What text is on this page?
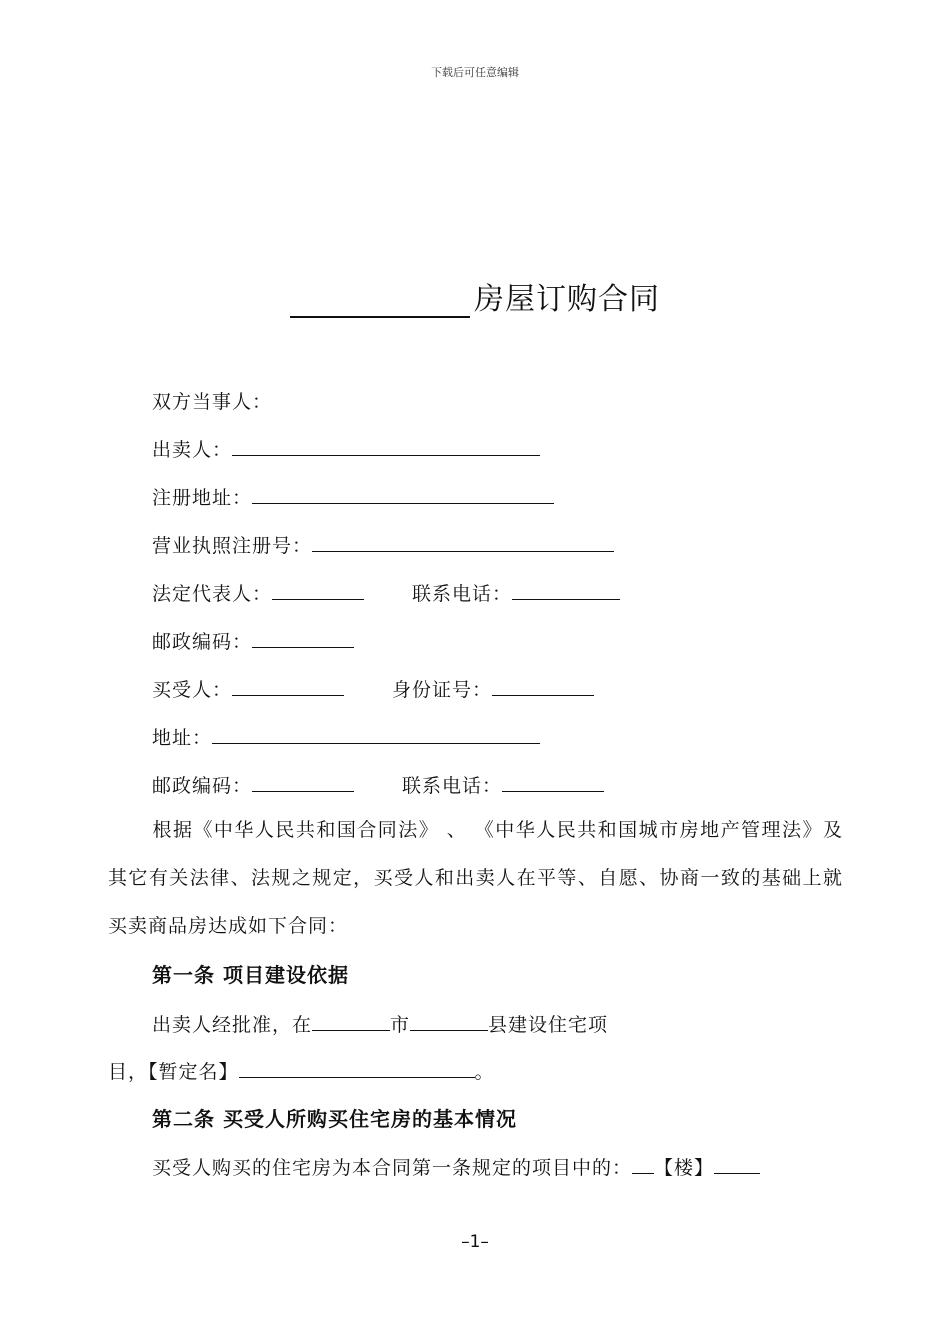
下载后可任意编辑
房屋订购合同
双方当事人：
出卖人：
注册地址：
营业执照注册号：
法定代表人：	联系电话：
邮政编码：
买受人：	身份证号：
地址：
邮政编码：	联系电话：
根据《中华人民共和国合同法》 、 《中华人民共和国城市房地产管理法》及其它有关法律、法规之规定，买受人和出卖人在平等、自愿、协商一致的基础上就买卖商品房达成如下合同：
第一条 项目建设依据
出卖人经批准，在	市	县建设住宅项
目，【暂定名】	。
第二条 买受人所购买住宅房的基本情况
买受人购买的住宅房为本合同第一条规定的项目中的： 【楼】
–1–
